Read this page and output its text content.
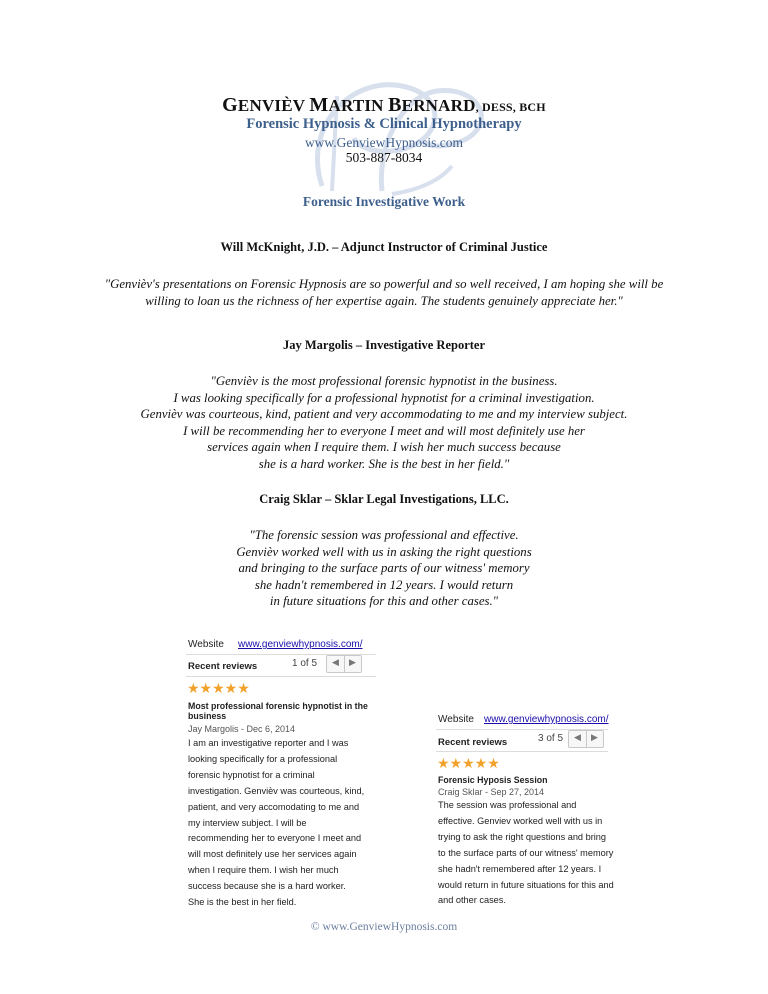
GENVIÈV MARTIN BERNARD, DESS, BCH
Forensic Hypnosis & Clinical Hypnotherapy
www.GenviewHypnosis.com
503-887-8034
Forensic Investigative Work
Will McKnight, J.D. – Adjunct Instructor of Criminal Justice
"Genviѐv's presentations on Forensic Hypnosis are so powerful and so well received, I am hoping she will be
willing to loan us the richness of her expertise again. The students genuinely appreciate her."
Jay Margolis – Investigative Reporter
"Genviѐv is the most professional forensic hypnotist in the business.
I was looking specifically for a professional hypnotist for a criminal investigation.
Genviѐv was courteous, kind, patient and very accommodating to me and my interview subject.
I will be recommending her to everyone I meet and will most definitely use her
services again when I require them. I wish her much success because
she is a hard worker. She is the best in her field."
Craig Sklar – Sklar Legal Investigations, LLC.
"The forensic session was professional and effective.
Genviѐv worked well with us in asking the right questions
and bringing to the surface parts of our witness' memory
she hadn't remembered in 12 years. I would return
in future situations for this and other cases."
Website www.genviewhypnosis.com/
Recent reviews	1 of 5	◀	▶
★★★★★
Most professional forensic hypnotist in the
business
Jay Margolis - Dec 6, 2014
I am an investigative reporter and I was
looking specifically for a professional
forensic hypnotist for a criminal
investigation. Genviѐv was courteous, kind,
patient, and very accomodating to me and
my interview subject. I will be
recommending her to everyone I meet and
will most definitely use her services again
when I require them. I wish her much
success because she is a hard worker.
She is the best in her field.
Website www.genviewhypnosis.com/
Recent reviews	3 of 5	◀	▶
★★★★★
Forensic Hyposis Session
Craig Sklar - Sep 27, 2014
The session was professional and
effective. Genviev worked well with us in
trying to ask the right questions and bring
to the surface parts of our witness' memory
she hadn't remembered after 12 years. I
would return in future situations for this and
and other cases.
© www.GenviewHypnosis.com
